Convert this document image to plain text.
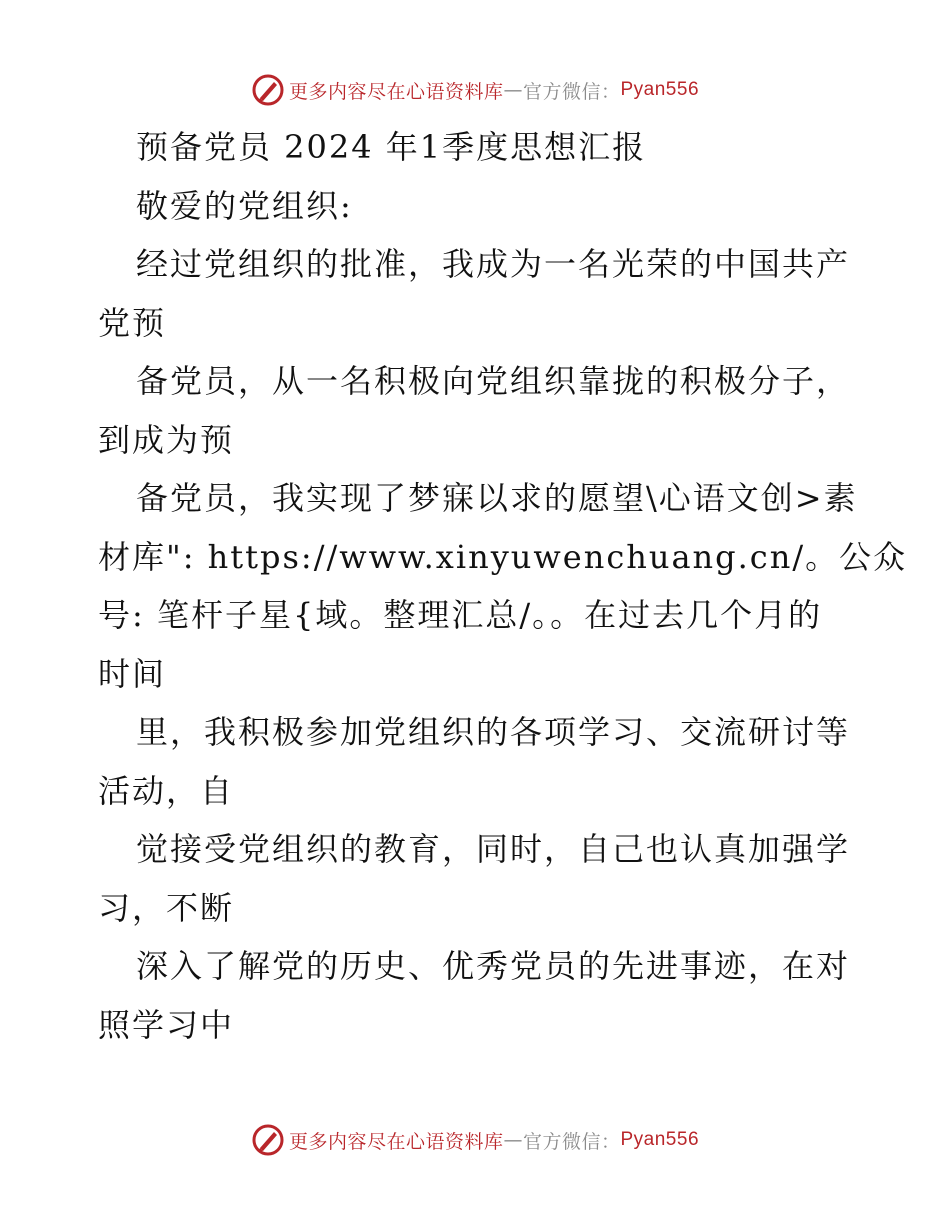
更多内容尽在心语资料库 — 官方微信： Pyan556
预备党员 2024 年1季度思想汇报
敬爱的党组织:
经过党组织的批准，我成为一名光荣的中国共产
党预
备党员，从一名积极向党组织靠拢的积极分子，
到成为预
备党员，我实现了梦寐以求的愿望\心语文创>素
材库": https://www.xinyuwenchuang.cn/。公众
号: 笔杆子星{域。整理汇总/。。在过去几个月的
时间
里，我积极参加党组织的各项学习、交流研讨等
活动，自
觉接受党组织的教育，同时，自己也认真加强学
习，不断
深入了解党的历史、优秀党员的先进事迹，在对
照学习中
更多内容尽在心语资料库 — 官方微信： Pyan556
